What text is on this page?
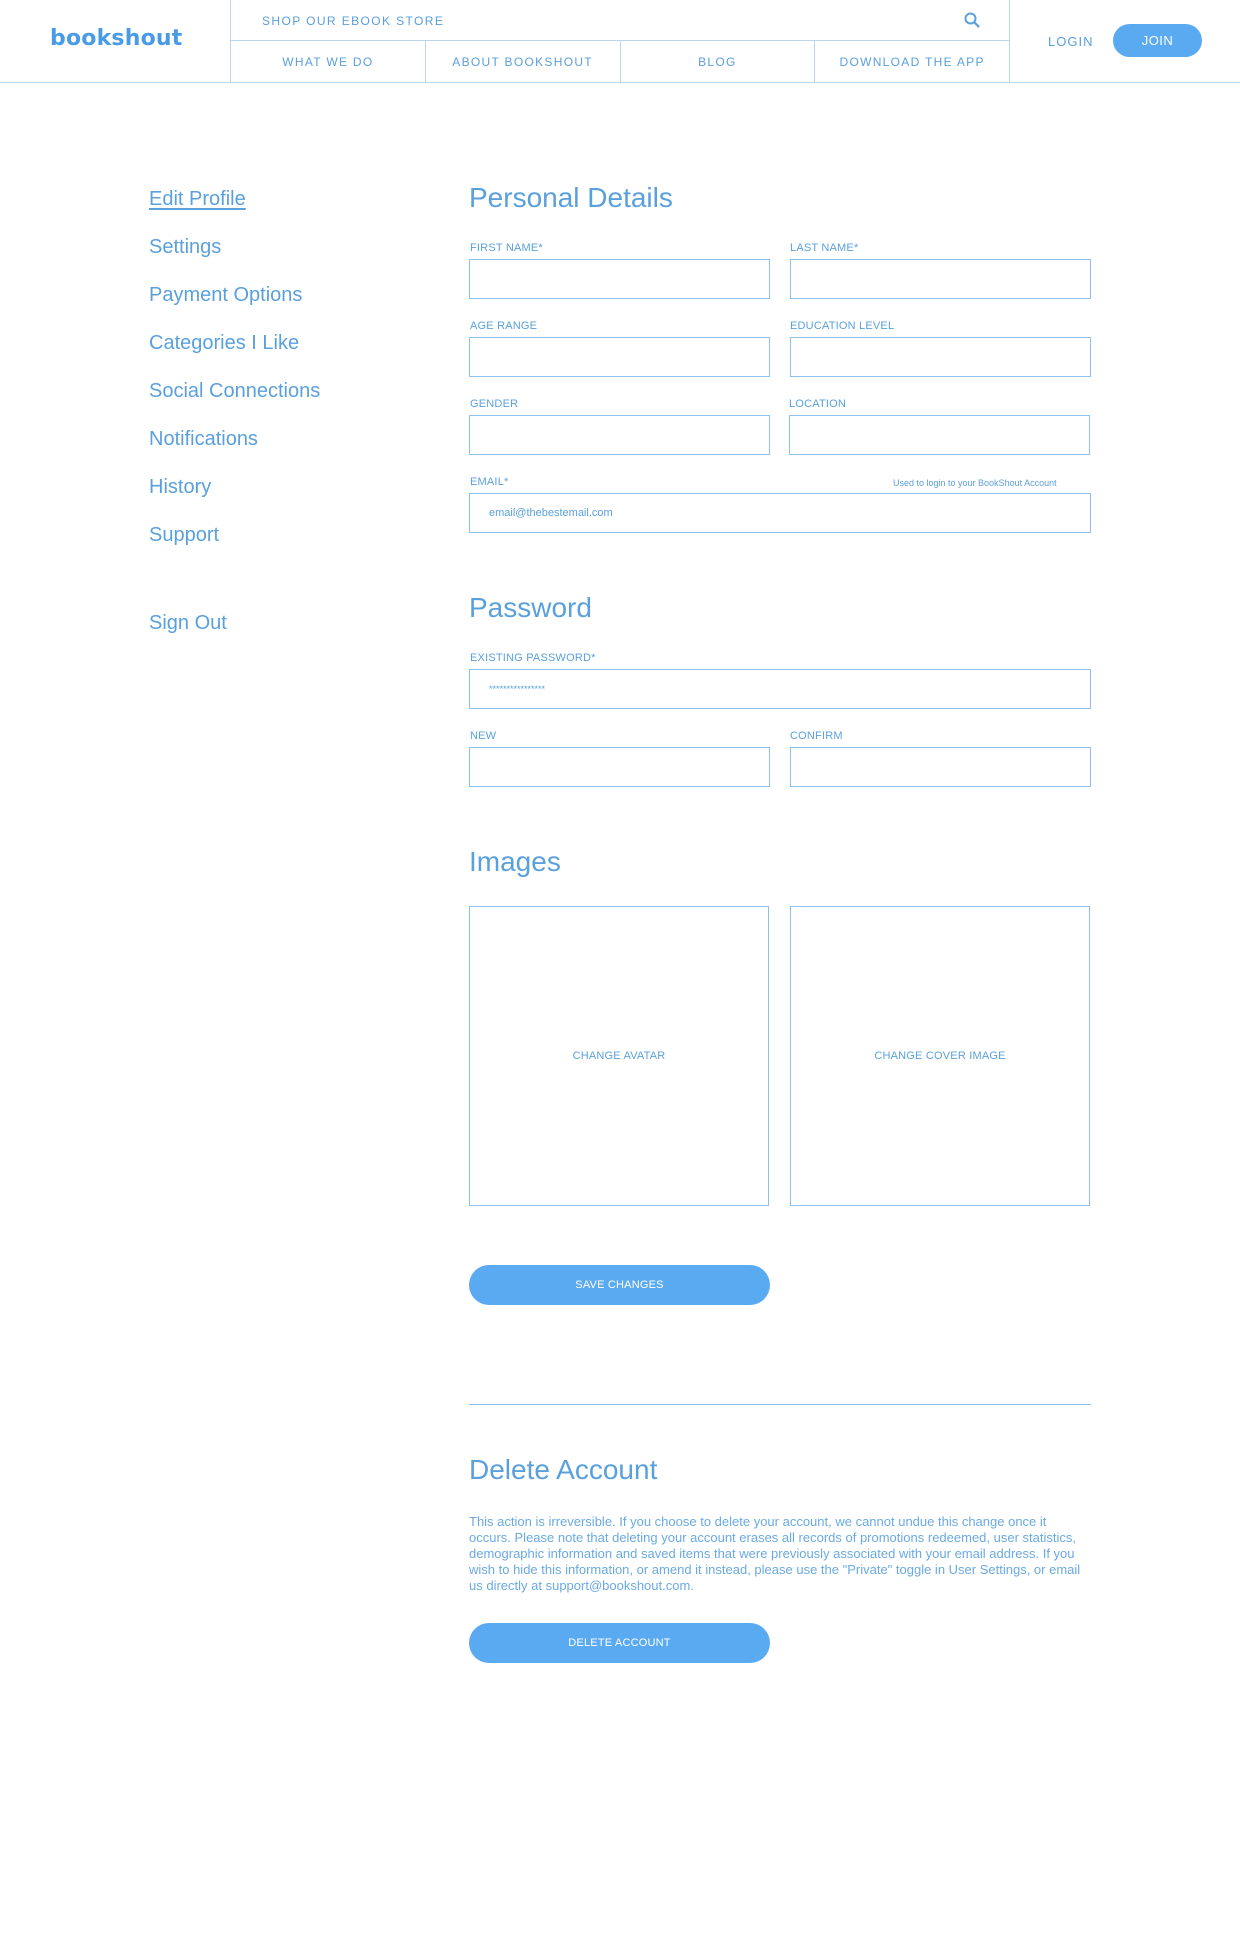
bookshout
SHOP OUR EBOOK STORE
WHAT WE DO	ABOUT BOOKSHOUT	BLOG	DOWNLOAD THE APP
LOGIN	JOIN
Edit Profile
Settings
Payment Options
Categories I Like
Social Connections
Notifications
History
Support
Sign Out
Personal Details
FIRST NAME*	LAST NAME*
AGE RANGE	EDUCATION LEVEL
GENDER	LOCATION
EMAIL*	Used to login to your BookShout Account
email@thebestemail.com
Password
EXISTING PASSWORD*
****************
NEW	CONFIRM
Images
CHANGE AVATAR	CHANGE COVER IMAGE
SAVE CHANGES
Delete Account
This action is irreversible. If you choose to delete your account, we cannot undue this change once it occurs. Please note that deleting your account erases all records of promotions redeemed, user statistics, demographic information and saved items that were previously associated with your email address. If you wish to hide this information, or amend it instead, please use the "Private" toggle in User Settings, or email us directly at support@bookshout.com.
DELETE ACCOUNT
